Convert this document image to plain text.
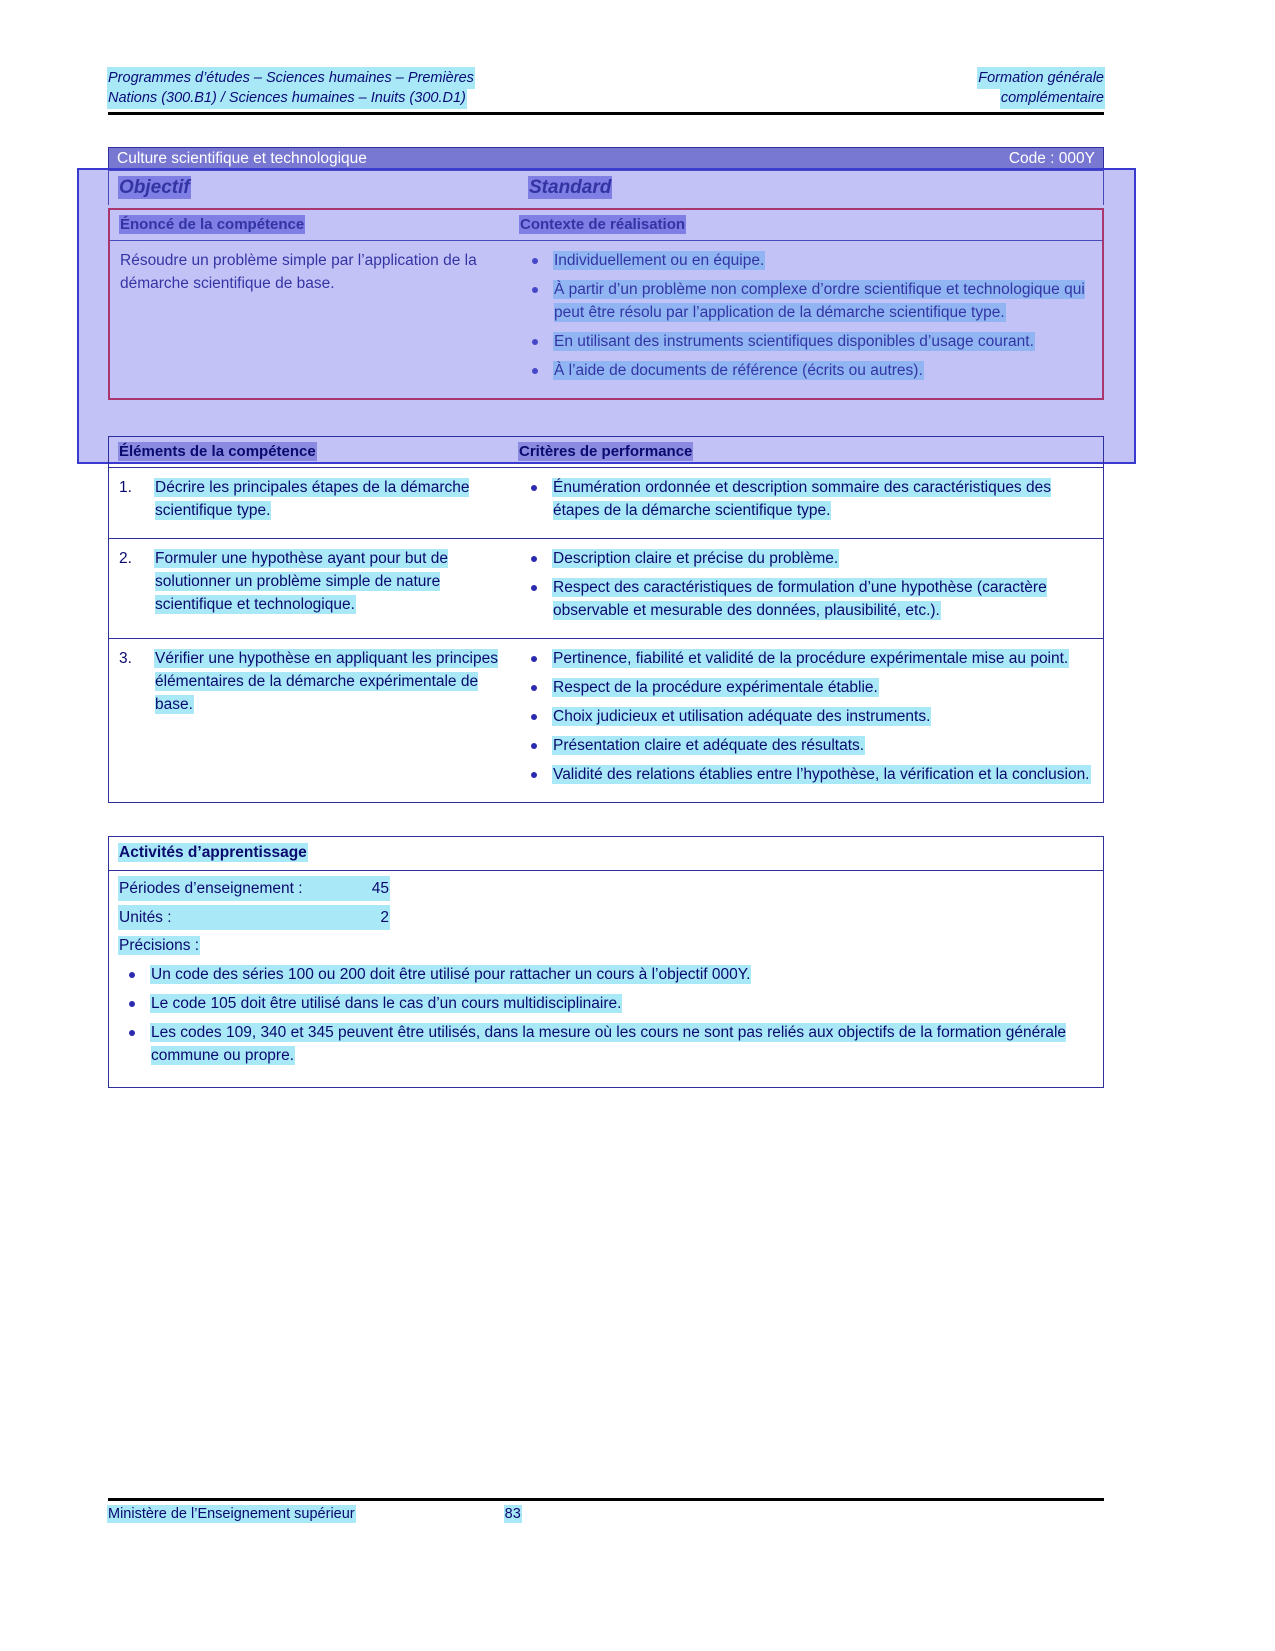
Programmes d’études – Sciences humaines – Premières	Formation générale
Nations (300.B1) / Sciences humaines – Inuits (300.D1)	complémentaire
Culture scientifique et technologique	Code : 000Y
Objectif	Standard
Énoncé de la compétence	Contexte de réalisation
Résoudre un problème simple par l’application de la démarche scientifique de base.
Individuellement ou en équipe.
À partir d’un problème non complexe d’ordre scientifique et technologique qui peut être résolu par l’application de la démarche scientifique type.
En utilisant des instruments scientifiques disponibles d’usage courant.
À l’aide de documents de référence (écrits ou autres).
Éléments de la compétence	Critères de performance
1.	Décrire les principales étapes de la démarche scientifique type.
Énumération ordonnée et description sommaire des caractéristiques des étapes de la démarche scientifique type.
2.	Formuler une hypothèse ayant pour but de solutionner un problème simple de nature scientifique et technologique.
Description claire et précise du problème.
Respect des caractéristiques de formulation d’une hypothèse (caractère observable et mesurable des données, plausibilité, etc.).
3.	Vérifier une hypothèse en appliquant les principes élémentaires de la démarche expérimentale de base.
Pertinence, fiabilité et validité de la procédure expérimentale mise au point.
Respect de la procédure expérimentale établie.
Choix judicieux et utilisation adéquate des instruments.
Présentation claire et adéquate des résultats.
Validité des relations établies entre l’hypothèse, la vérification et la conclusion.
Activités d’apprentissage
Périodes d’enseignement :	45
Unités :	2
Précisions :
Un code des séries 100 ou 200 doit être utilisé pour rattacher un cours à l’objectif 000Y.
Le code 105 doit être utilisé dans le cas d’un cours multidisciplinaire.
Les codes 109, 340 et 345 peuvent être utilisés, dans la mesure où les cours ne sont pas reliés aux objectifs de la formation générale commune ou propre.
Ministère de l’Enseignement supérieur	83
